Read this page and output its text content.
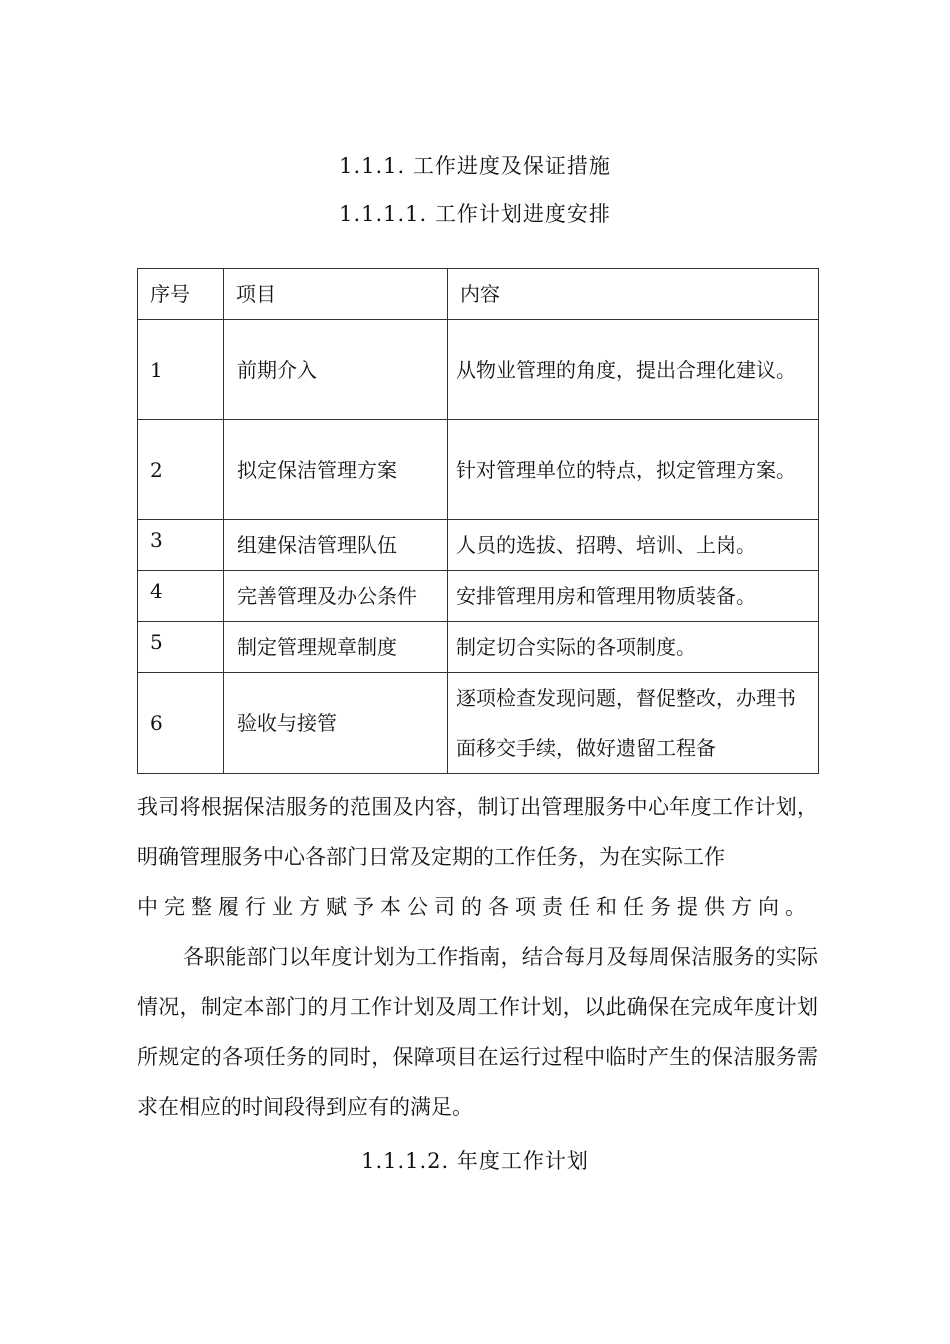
1.1.1. 工作进度及保证措施
1.1.1.1. 工作计划进度安排
序号	项目	内容
1	前期介入	从物业管理的角度，提出合理化建议。
2	拟定保洁管理方案	针对管理单位的特点，拟定管理方案。
3	组建保洁管理队伍	人员的选拔、招聘、培训、上岗。
4	完善管理及办公条件	安排管理用房和管理用物质装备。
5	制定管理规章制度	制定切合实际的各项制度。
6	验收与接管	逐项检查发现问题，督促整改，办理书面移交手续，做好遗留工程备
我司将根据保洁服务的范围及内容，制订出管理服务中心年度工作计划，明确管理服务中心各部门日常及定期的工作任务，为在实际工作
中完整履行业方赋予本公司的各项责任和任务提供方向。
各职能部门以年度计划为工作指南，结合每月及每周保洁服务的实际情况，制定本部门的月工作计划及周工作计划，以此确保在完成年度计划所规定的各项任务的同时，保障项目在运行过程中临时产生的保洁服务需求在相应的时间段得到应有的满足。
1.1.1.2. 年度工作计划
